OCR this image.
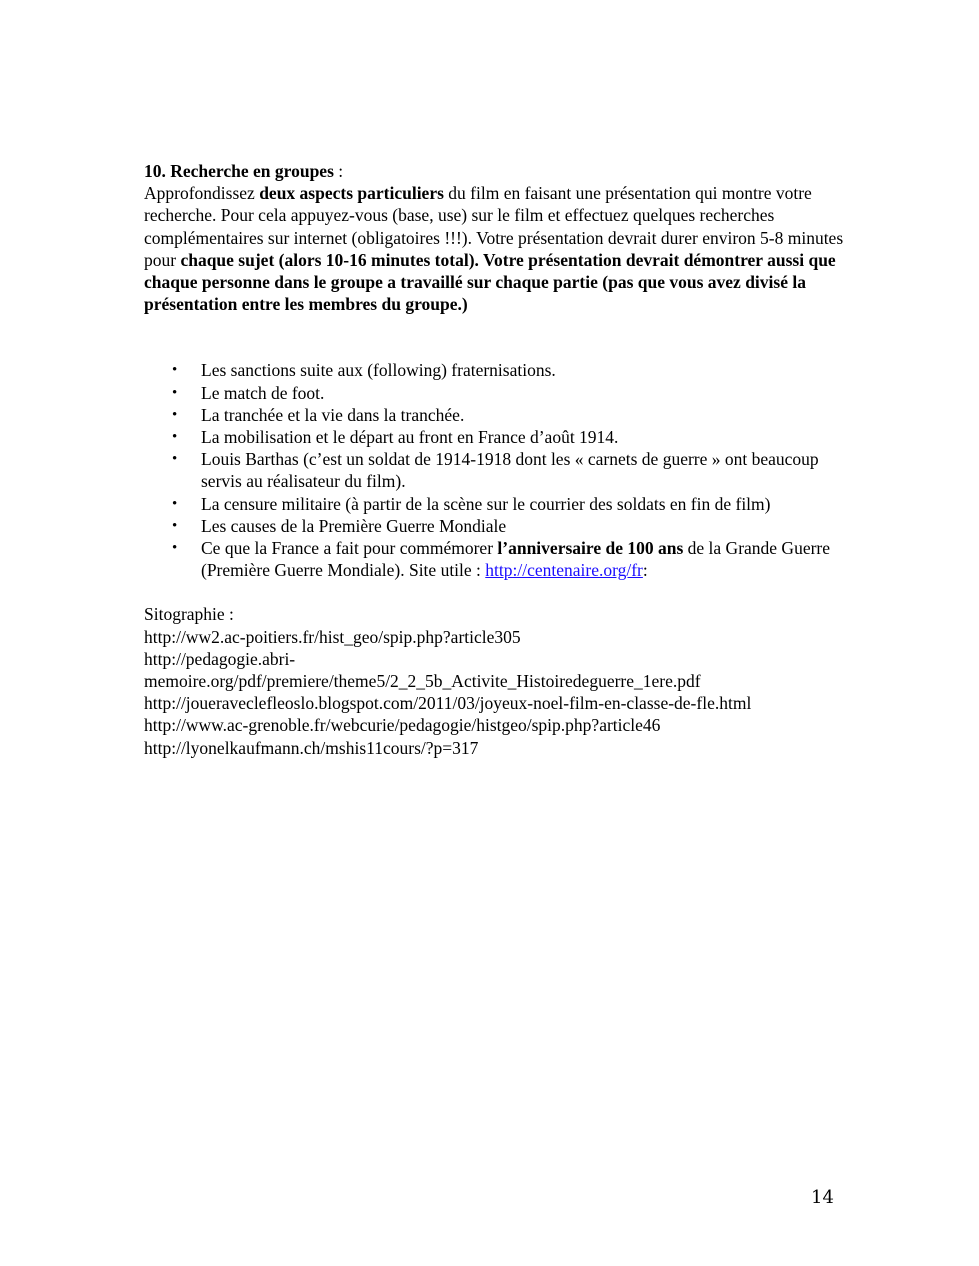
10. Recherche en groupes :

Approfondissez deux aspects particuliers du film en faisant une présentation qui montre votre recherche. Pour cela appuyez-vous (base, use) sur le film et effectuez quelques recherches complémentaires sur internet (obligatoires !!!). Votre présentation devrait durer environ 5-8 minutes pour chaque sujet (alors 10-16 minutes total). Votre présentation devrait démontrer aussi que chaque personne dans le groupe a travaillé sur chaque partie (pas que vous avez divisé la présentation entre les membres du groupe.)

• Les sanctions suite aux (following) fraternisations.
• Le match de foot.
• La tranchée et la vie dans la tranchée.
• La mobilisation et le départ au front en France d’août 1914.
• Louis Barthas (c’est un soldat de 1914-1918 dont les « carnets de guerre » ont beaucoup servis au réalisateur du film).
• La censure militaire (à partir de la scène sur le courrier des soldats en fin de film)
• Les causes de la Première Guerre Mondiale
• Ce que la France a fait pour commémorer l’anniversaire de 100 ans de la Grande Guerre (Première Guerre Mondiale). Site utile : http://centenaire.org/fr:
Sitographie :
http://ww2.ac-poitiers.fr/hist_geo/spip.php?article305
http://pedagogie.abri-
memoire.org/pdf/premiere/theme5/2_2_5b_Activite_Histoiredeguerre_1ere.pdf
http://joueraveclefleoslo.blogspot.com/2011/03/joyeux-noel-film-en-classe-de-fle.html
http://www.ac-grenoble.fr/webcurie/pedagogie/histgeo/spip.php?article46
http://lyonelkaufmann.ch/mshis11cours/?p=317
14
